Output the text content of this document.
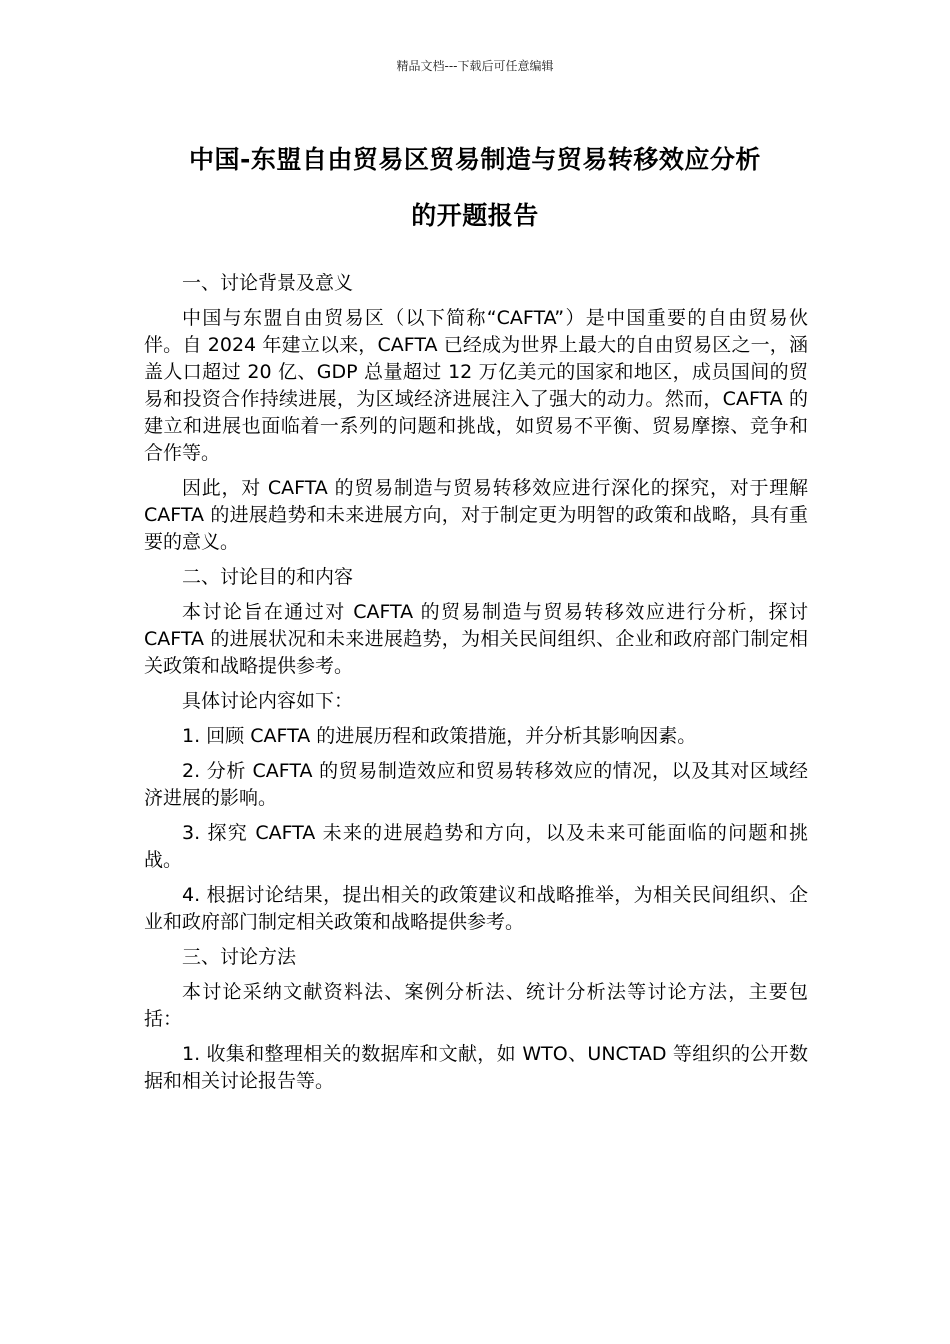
精品文档---下载后可任意编辑
中国-东盟自由贸易区贸易制造与贸易转移效应分析
的开题报告

一、讨论背景及意义

中国与东盟自由贸易区（以下简称“CAFTA”）是中国重要的自由贸易伙伴。自 2024 年建立以来，CAFTA 已经成为世界上最大的自由贸易区之一，涵盖人口超过 20 亿、GDP 总量超过 12 万亿美元的国家和地区，成员国间的贸易和投资合作持续进展，为区域经济进展注入了强大的动力。然而，CAFTA 的建立和进展也面临着一系列的问题和挑战，如贸易不平衡、贸易摩擦、竞争和合作等。

因此，对 CAFTA 的贸易制造与贸易转移效应进行深化的探究，对于理解 CAFTA 的进展趋势和未来进展方向，对于制定更为明智的政策和战略，具有重要的意义。

二、讨论目的和内容

本讨论旨在通过对 CAFTA 的贸易制造与贸易转移效应进行分析，探讨 CAFTA 的进展状况和未来进展趋势，为相关民间组织、企业和政府部门制定相关政策和战略提供参考。

具体讨论内容如下：

1. 回顾 CAFTA 的进展历程和政策措施，并分析其影响因素。

2. 分析 CAFTA 的贸易制造效应和贸易转移效应的情况，以及其对区域经济进展的影响。

3. 探究 CAFTA 未来的进展趋势和方向，以及未来可能面临的问题和挑战。

4. 根据讨论结果，提出相关的政策建议和战略推举，为相关民间组织、企业和政府部门制定相关政策和战略提供参考。

三、讨论方法

本讨论采纳文献资料法、案例分析法、统计分析法等讨论方法，主要包括：

1. 收集和整理相关的数据库和文献，如 WTO、UNCTAD 等组织的公开数据和相关讨论报告等。
